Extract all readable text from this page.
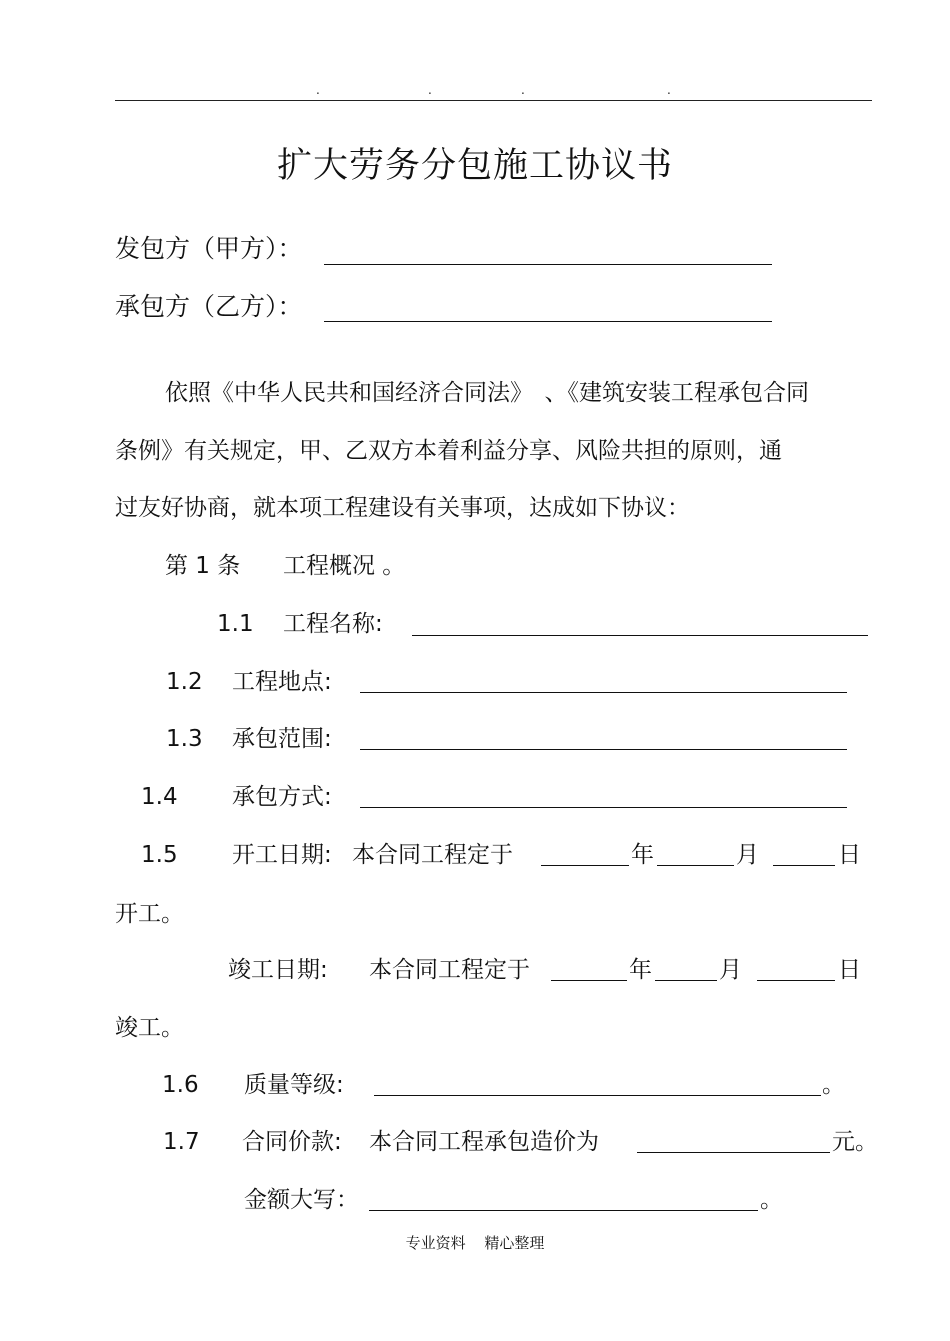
.	.	.	.
扩大劳务分包施工协议书
发包方（甲方）：
承包方（乙方）：
依照《中华人民共和国经济合同法》　、《建筑安装工程承包合同
条例》有关规定，甲、乙双方本着利益分享、风险共担的原则，通
过友好协商，就本项工程建设有关事项，达成如下协议：
第 1 条 工程概况 。
1.1 工程名称:
1.2 工程地点:
1.3 承包范围:
1.4 承包方式:
1.5 开工日期: 本合同工程定于	年	月	日
开工。
竣工日期: 本合同工程定于	年	月	日
竣工。
1.6 质量等级:	。
1.7 合同价款: 本合同工程承包造价为	元。
金额大写：	。
专业资料 精心整理
